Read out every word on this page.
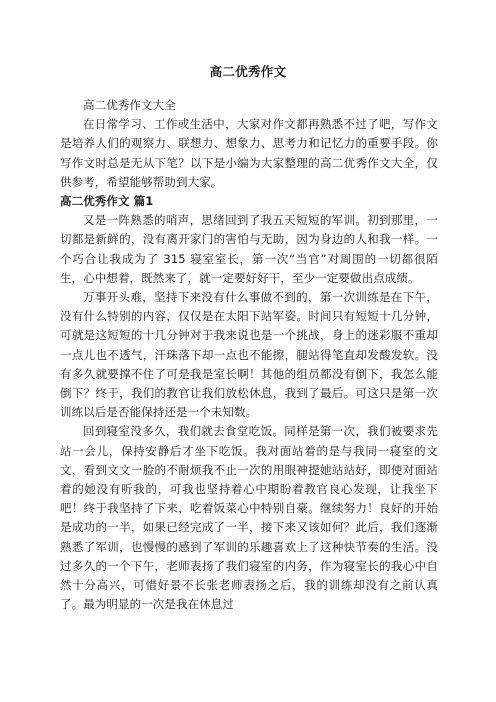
高二优秀作文

高二优秀作文大全

在日常学习、工作或生活中，大家对作文都再熟悉不过了吧，写作文是培养人们的观察力、联想力、想象力、思考力和记忆力的重要手段。你写作文时总是无从下笔？以下是小编为大家整理的高二优秀作文大全，仅供参考，希望能够帮助到大家。

高二优秀作文 篇1

又是一阵熟悉的哨声，思绪回到了我五天短短的军训。初到那里，一切都是新鲜的，没有离开家门的害怕与无助，因为身边的人和我一样。一个巧合让我成为了 315 寝室室长，第一次“当官”对周围的一切都很陌生，心中想着，既然来了，就一定要好好干，至少一定要做出点成绩。

万事开头难，坚持下来没有什么事做不到的，第一次训练是在下午，没有什么特别的内容，仅仅是在太阳下站军姿。时间只有短短十几分钟，可就是这短短的十几分钟对于我来说也是一个挑战，身上的迷彩服不重却一点儿也不透气，汗珠落下却一点也不能擦，腿站得笔直却发酸发软。没有多久就要撑不住了可是我是室长啊！其他的组员都没有倒下，我怎么能倒下？终于，我们的教官让我们放松休息，我到了最后。可这只是第一次训练以后是否能保持还是一个未知数。

回到寝室没多久，我们就去食堂吃饭。同样是第一次，我们被要求先站一会儿，保持安静后才坐下吃饭。我对面站着的是与我同一寝室的文文，看到文文一脸的不耐烦我不止一次的用眼神提她站站好，即使对面站着的她没有听我的，可我也坚持着心中期盼着教官良心发现，让我坐下吧！终于我坚持了下来，吃着饭菜心中特别自豪。继续努力！良好的开始是成功的一半，如果已经完成了一半，接下来又该如何？此后，我们逐渐熟悉了军训，也慢慢的感到了军训的乐趣喜欢上了这种快节奏的生活。没过多久的一个下午，老师表扬了我们寝室的内务，作为寝室长的我心中自然十分高兴，可惜好景不长张老师表扬之后，我的训练却没有之前认真了。最为明显的一次是我在休息过
